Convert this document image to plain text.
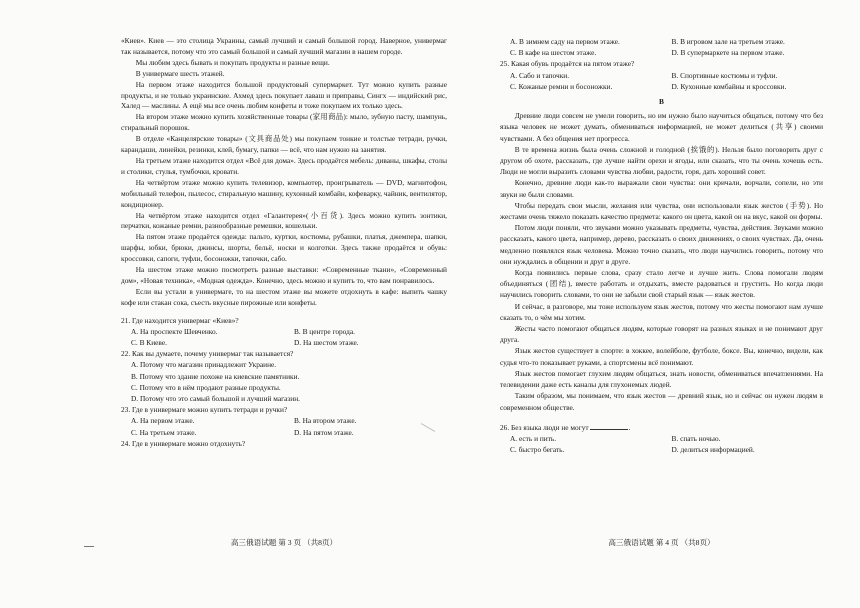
«Киев». Киев — это столица Украины, самый лучший и самый большой город. Наверное, универмаг так называется, потому что это самый большой и самый лучший магазин в нашем городе.

Мы любим здесь бывать и покупать продукты и разные вещи.

В универмаге шесть этажей.

На первом этаже находится большой продуктовый супермаркет. Тут можно купить разные продукты, и не только украинские. Ахмед здесь покупает лаваш и приправы, Сингх — индийский рис, Халед — маслины. А ещё мы все очень любим конфеты и тоже покупаем их только здесь.

На втором этаже можно купить хозяйственные товары (家用商品): мыло, зубную пасту, шампунь, стиральный порошок.

В отделе «Канцелярские товары» (文具商品处) мы покупаем тонкие и толстые тетради, ручки, карандаши, линейки, резинки, клей, бумагу, папки — всё, что нам нужно на занятия.

На третьем этаже находится отдел «Всё для дома». Здесь продаётся мебель: диваны, шкафы, столы и столики, стулья, тумбочки, кровати.

На четвёртом этаже можно купить телевизор, компьютер, проигрыватель — DVD, магнитофон, мобильный телефон, пылесос, стиральную машину, кухонный комбайн, кофеварку, чайник, вентилятор, кондиционер.

На четвёртом этаже находится отдел «Галантерея»(小百货). Здесь можно купить зонтики, перчатки, кожаные ремни, разнообразные ремешки, кошельки.

На пятом этаже продаётся одежда: пальто, куртки, костюмы, рубашки, платья, джемпера, шапки, шарфы, юбки, брюки, джинсы, шорты, бельё, носки и колготки. Здесь также продаётся и обувь: кроссовки, сапоги, туфли, босоножки, тапочки, сабо.

На шестом этаже можно посмотреть разные выставки: «Современные ткани», «Современный дом», «Новая техника», «Модная одежда». Конечно, здесь можно и купить то, что вам понравилось.

Если вы устали в универмаге, то на шестом этаже вы можете отдохнуть в кафе: выпить чашку кофе или стакан сока, съесть вкусные пирожные или конфеты.

21. Где находится универмаг «Киев»?

A. На проспекте Шевченко.	B. В центре города.
C. В Киеве.	D. На шестом этаже.

22. Как вы думаете, почему универмаг так называется?

A. Потому что магазин принадлежит Украине.

B. Потому что здание похоже на киевские памятники.

C. Потому что в нём продают разные продукты.

D. Потому что это самый большой и лучший магазин.

23. Где в универмаге можно купить тетради и ручки?

A. На первом этаже.	B. На втором этаже.
C. На третьем этаже.	D. На пятом этаже.

24. Где в универмаге можно отдохнуть?

A. В зимнем саду на первом этаже.	B. В игровом зале на третьем этаже.
C. В кафе на шестом этаже.	D. В супермаркете на первом этаже.

25. Какая обувь продаётся на пятом этаже?

A. Сабо и тапочки.	B. Спортивные костюмы и туфли.
C. Кожаные ремни и босоножки.	D. Кухонные комбайны и кроссовки.
B

Древние люди совсем не умели говорить, но им нужно было научиться общаться, потому что без языка человек не может думать, обмениваться информацией, не может делиться (共享) своими чувствами. А без общения нет прогресса.

В те времена жизнь была очень сложной и голодной (挨饿的). Нельзя было поговорить друг с другом об охоте, рассказать, где лучше найти орехи и ягоды, или сказать, что ты очень хочешь есть. Люди не могли выразить словами чувства любви, радости, горя, дать хороший совет.

Конечно, древние люди как-то выражали свои чувства: они кричали, ворчали, сопели, но эти звуки не были словами.

Чтобы передать свои мысли, желания или чувства, они использовали язык жестов (手势). Но жестами очень тяжело показать качество предмета: какого он цвета, какой он на вкус, какой он формы.

Потом люди поняли, что звуками можно указывать предметы, чувства, действия. Звуками можно рассказать, какого цвета, например, дерево, рассказать о своих движениях, о своих чувствах. Да, очень медленно появлялся язык человека. Можно точно сказать, что люди научились говорить, потому что они нуждались в общении и друг в друге.

Когда появились первые слова, сразу стало легче и лучше жить. Слова помогали людям объединяться (团结), вместе работать и отдыхать, вместе радоваться и грустить. Но когда люди научились говорить словами, то они не забыли свой старый язык — язык жестов.

И сейчас, в разговоре, мы тоже используем язык жестов, потому что жесты помогают нам лучше сказать то, о чём мы хотим.

Жесты часто помогают общаться людям, которые говорят на разных языках и не понимают друг друга.

Язык жестов существует в спорте: в хоккее, волейболе, футболе, боксе. Вы, конечно, видели, как судья что-то показывает руками, а спортсмены всё понимают.

Язык жестов помогает глухим людям общаться, знать новости, обмениваться впечатлениями. На телевидении даже есть каналы для глухонемых людей.

Таким образом, мы понимаем, что язык жестов — древний язык, но и сейчас он нужен людям в современном обществе.

26. Без языка люди не могут	.

A. есть и пить.	B. спать ночью.
C. быстро бегать.	D. делиться информацией.
高三俄语试题 第 3 页 （共8页）	高三俄语试题 第 4 页 （共8页）
